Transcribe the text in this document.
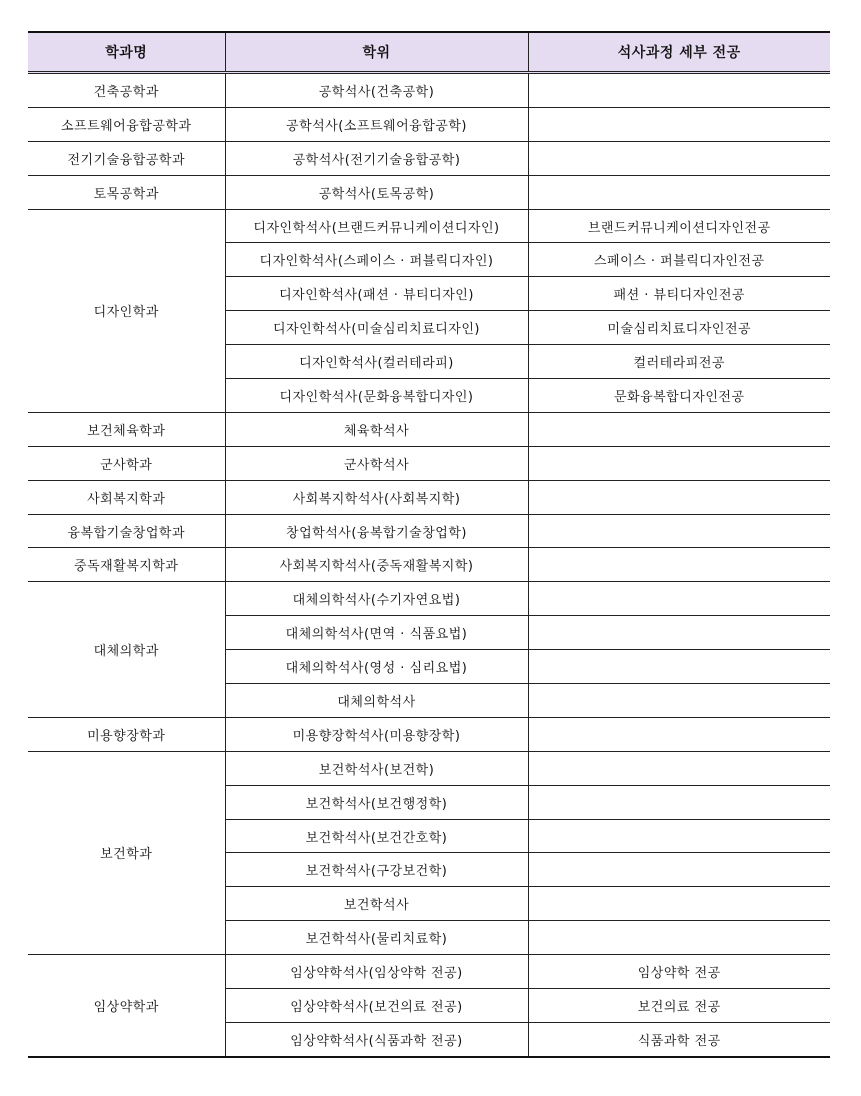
학과명	학위	석사과정 세부 전공
건축공학과	공학석사(건축공학)	
소프트웨어융합공학과	공학석사(소프트웨어융합공학)	
전기기술융합공학과	공학석사(전기기술융합공학)	
토목공학과	공학석사(토목공학)	
디자인학과	디자인학석사(브랜드커뮤니케이션디자인)	브랜드커뮤니케이션디자인전공
	디자인학석사(스페이스 · 퍼블릭디자인)	스페이스 · 퍼블릭디자인전공
	디자인학석사(패션 · 뷰티디자인)	패션 · 뷰티디자인전공
	디자인학석사(미술심리치료디자인)	미술심리치료디자인전공
	디자인학석사(컬러테라피)	컬러테라피전공
	디자인학석사(문화융복합디자인)	문화융복합디자인전공
보건체육학과	체육학석사	
군사학과	군사학석사	
사회복지학과	사회복지학석사(사회복지학)	
융복합기술창업학과	창업학석사(융복합기술창업학)	
중독재활복지학과	사회복지학석사(중독재활복지학)	
대체의학과	대체의학석사(수기자연요법)	
	대체의학석사(면역 · 식품요법)	
	대체의학석사(영성 · 심리요법)	
	대체의학석사	
미용향장학과	미용향장학석사(미용향장학)	
보건학과	보건학석사(보건학)	
	보건학석사(보건행정학)	
	보건학석사(보건간호학)	
	보건학석사(구강보건학)	
	보건학석사	
	보건학석사(물리치료학)	
임상약학과	임상약학석사(임상약학 전공)	임상약학 전공
	임상약학석사(보건의료 전공)	보건의료 전공
	임상약학석사(식품과학 전공)	식품과학 전공
